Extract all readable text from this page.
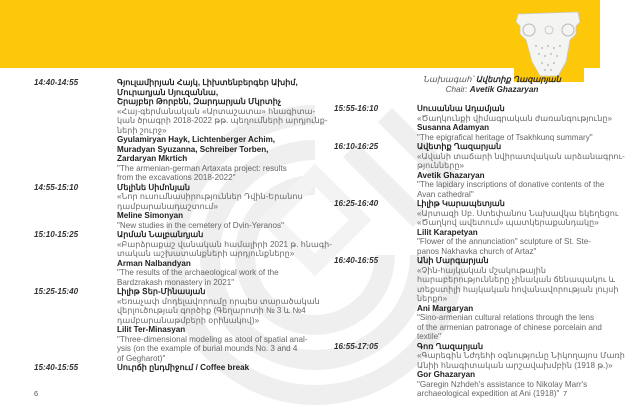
14:40-14:55	Գյուլամիրյան Հայկ, Լիխտենբերգեր Ախիմ,
Մուրադյան Սյուզաննա,
Շրայբեր Թորբեն, Զարդարյան Մկրտիչ
«Հայ-գերմանական «Արտաշատա» հնագիտա-
կան ծրագրի 2018-2022 թթ. պեղումների արդյունք-
ների շուրջ»
Gyulamiryan Hayk, Lichtenberger Achim,
Muradyan Syuzanna, Schreiber Torben,
Zardaryan Mkrtich
"The armenian-german Artaxata project: results
from the excavations 2018-2022"
14:55-15:10	Մելինե Սիմոնյան
«Նոր ուսումնասիրություններ Դվին-Երանոս
դամբարանադաշտում»
Meline Simonyan
"New studies in the cemetery of Dvin-Yeranos"
15:10-15:25	Արման Նալբանդյան
«Բարձրաքաշ վանական համալիրի 2021 թ. հնագի-
տական աշխատանքների արդյունքները»
Arman Nalbandyan
"The results of the archaeological work of the
Bardzrakash monastery in 2021"
15:25-15:40	Լիլիթ Տեր-Մինասյան
«Եռաչափ մոդելավորումը որպես տարածական
վերլուծության գործիք (Գեղարոտի № 3 և №4
դամբարանաթմբերի օրինակով)»
Lilit Ter-Minasyan
"Three-dimensional modeling as atool of spatial anal-
ysis (on the example of burial mounds No. 3 and 4
of Gegharot)"
15:40-15:55	Սուրճի ընդմիջում / Coffee break
6
Նախագահ՝ Ավետիք Ղազարյան
Chair: Avetik Ghazaryan
15:55-16:10	Սուսաննա Ադամյան
«Ծաղկունքի վիմագրական ժառանգությունը»
Susanna Adamyan
"The epigrafical heritage of Tsakhkunq summary"
16:10-16:25	Ավետիք Ղազարյան
«Ավանի տաճարի նվիրատվական արձանագրու-
թյունները»
Avetik Ghazaryan
"The lapidary inscriptions of donative contents of the
Avan cathedral"
16:25-16:40	Լիլիթ Կարապետյան
«Արտազի Սբ. Ստեփանոս Նախավկա եկեղեցու
«Ծաղկով ավետում» պատկերաքանդակը»
Lilit Karapetyan
"Flower of the annunciation" sculpture of St. Ste-
panos Nakhavka church of Artaz"
16:40-16:55	Անի Մարգարյան
«Չին-հայկական մշակութային
հարաբերությունները չինական ճենապակու և
տեքստիլի հայկական հովանավորության լույսի
ներքո»
Ani Margaryan
"Sino-armenian cultural relations through the lens
of the armenian patronage of chinese porcelain and
textile"
16:55-17:05	Գոռ Ղազարյան
«Գարեգին Նժդեհի օգնությունը Նիկողայոս Մառի
Անիի հնագիտական արշավախմբին (1918 թ.)»
Gor Ghazaryan
"Garegin Nzhdeh's assistance to Nikolay Marr's
archaeological expedition at Ani (1918)" 7
